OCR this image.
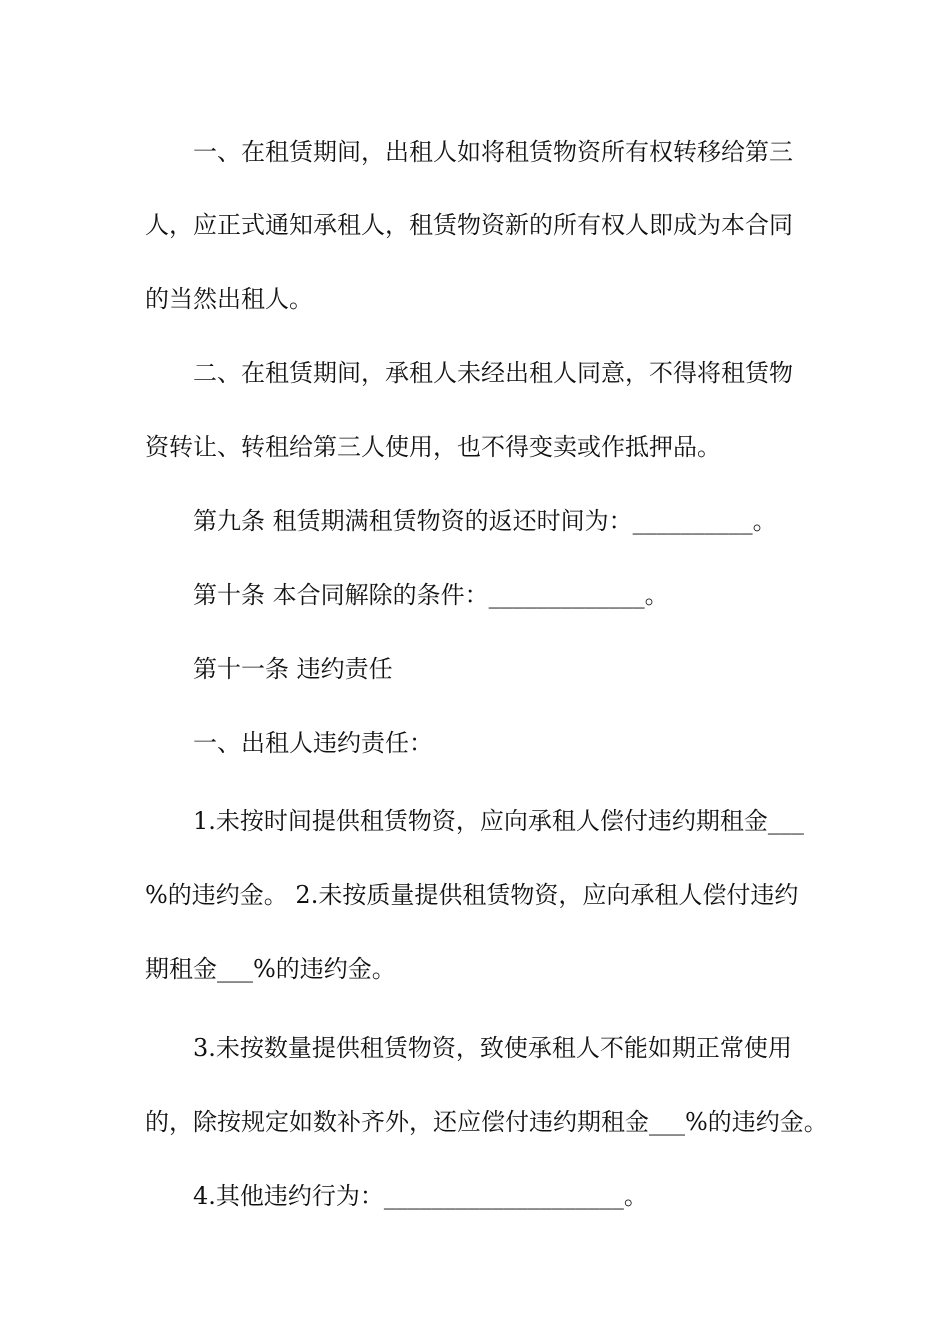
一、在租赁期间，出租人如将租赁物资所有权转移给第三
人，应正式通知承租人，租赁物资新的所有权人即成为本合同
的当然出租人。
二、在租赁期间，承租人未经出租人同意，不得将租赁物
资转让、转租给第三人使用，也不得变卖或作抵押品。
第九条 租赁期满租赁物资的返还时间为：__________。
第十条 本合同解除的条件：_____________。
第十一条 违约责任
一、出租人违约责任：
1.未按时间提供租赁物资，应向承租人偿付违约期租金___
%的违约金。 2.未按质量提供租赁物资，应向承租人偿付违约
期租金___%的违约金。
3.未按数量提供租赁物资，致使承租人不能如期正常使用
的，除按规定如数补齐外，还应偿付违约期租金___%的违约金。
4.其他违约行为：____________________。
